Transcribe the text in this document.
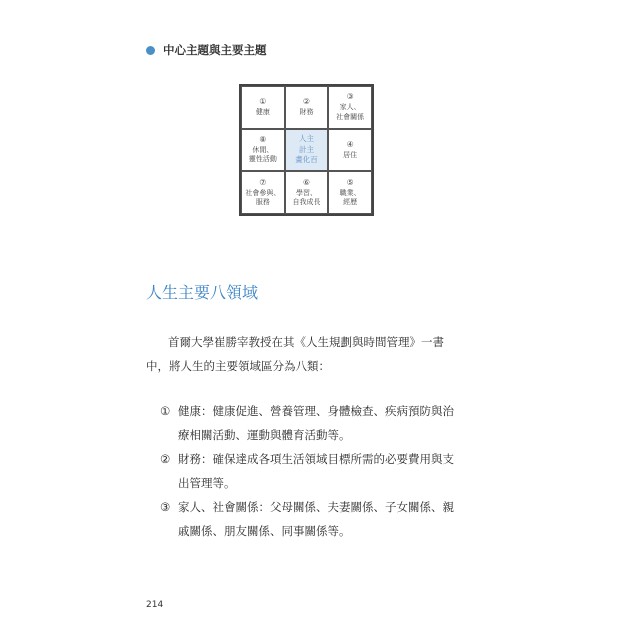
中心主題與主要主題
①
健康
②
財務
③
家人、
社會關係
⑧
休閒、
靈性活動
人主
計主
畫化百
④
居住
⑦
社會參與、
服務
⑥
學習、
自我成長
⑤
職業、
經歷
人生主要八領域
首爾大學崔勝宰教授在其《人生規劃與時間管理》一書中，將人生的主要領域區分為八類：
① 健康：健康促進、營養管理、身體檢查、疾病預防與治療相關活動、運動與體育活動等。
② 財務：確保達成各項生活領域目標所需的必要費用與支出管理等。
③ 家人、社會關係：父母關係、夫妻關係、子女關係、親戚關係、朋友關係、同事關係等。
214
